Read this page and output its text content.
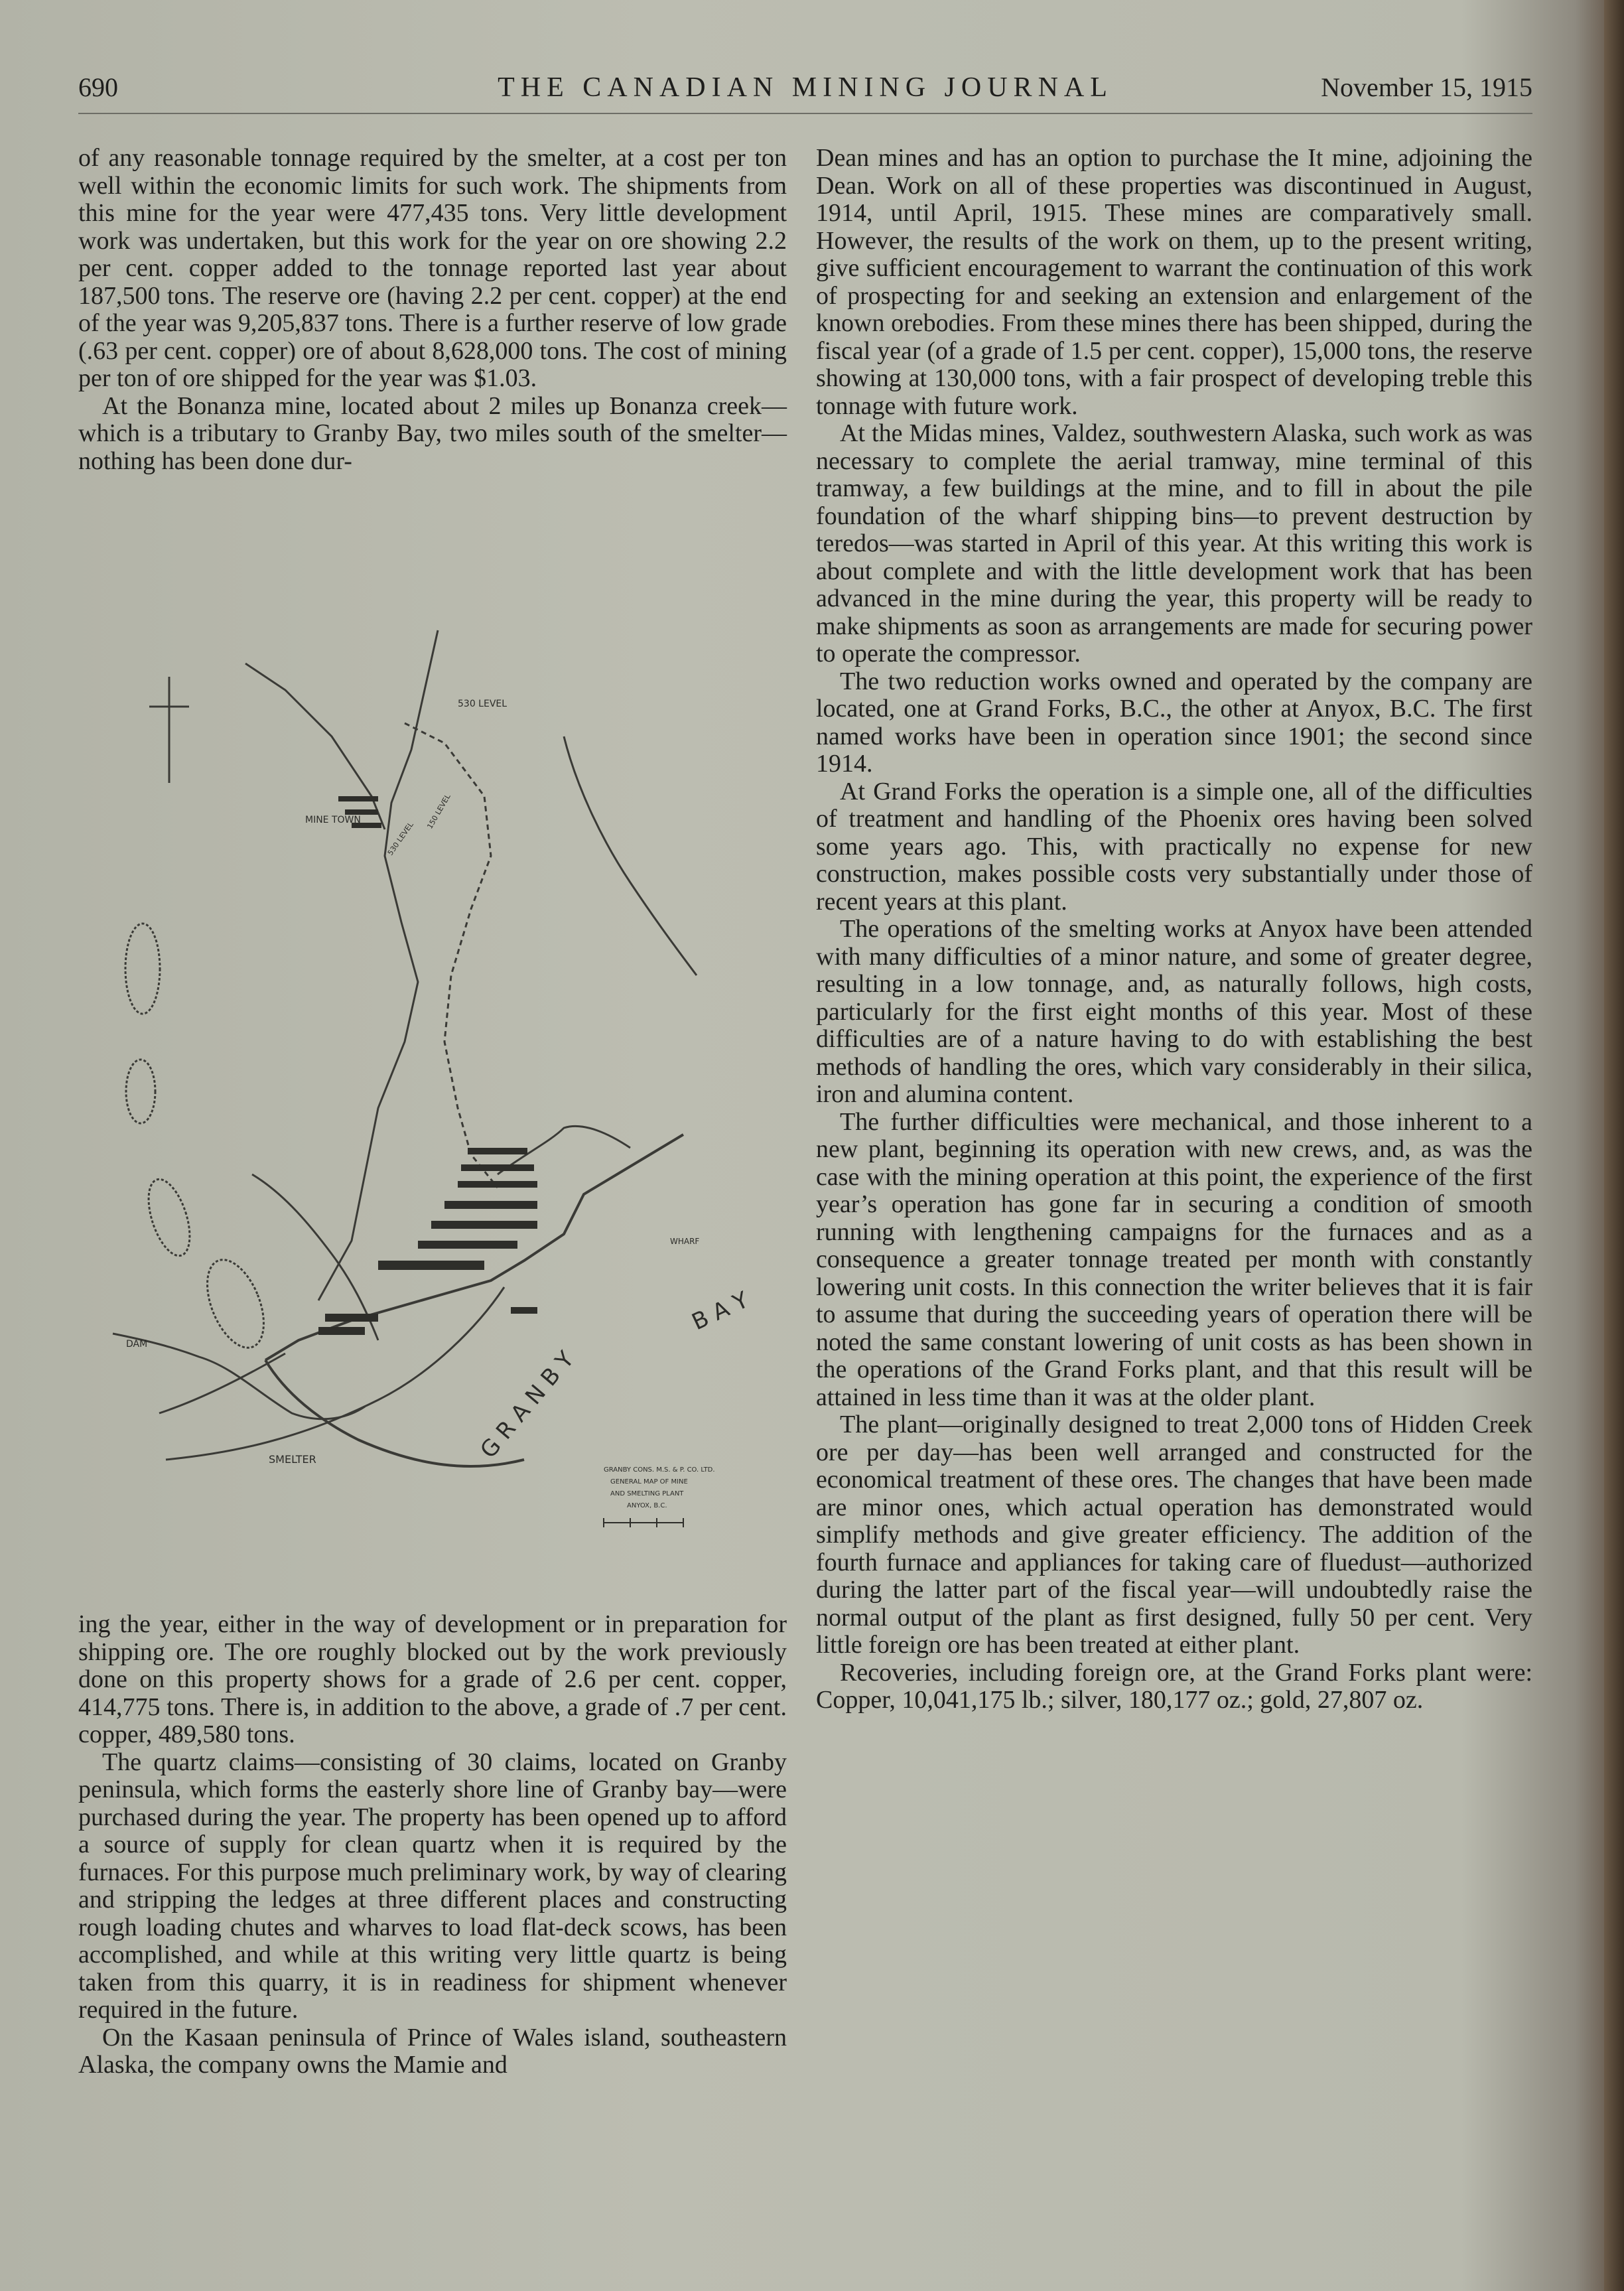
690	THE CANADIAN MINING JOURNAL	November 15, 1915

of any reasonable tonnage required by the smelter, at a cost per ton well within the economic limits for such work. The shipments from this mine for the year were 477,435 tons. Very little development work was undertaken, but this work for the year on ore showing 2.2 per cent. copper added to the tonnage reported last year about 187,500 tons. The reserve ore (having 2.2 per cent. copper) at the end of the year was 9,205,837 tons. There is a further reserve of low grade (.63 per cent. copper) ore of about 8,628,000 tons. The cost of mining per ton of ore shipped for the year was $1.03.

At the Bonanza mine, located about 2 miles up Bonanza creek—which is a tributary to Granby Bay, two miles south of the smelter—nothing has been done dur-

530 LEVEL
MINE TOWN
530 LEVEL
150 LEVEL
WHARF
DAM
SMELTER	G R A N B Y
B A Y
GRANBY CONS. M.S. & P. CO. LTD.
GENERAL MAP OF MINE
AND SMELTING PLANT
ANYOX, B.C.

ing the year, either in the way of development or in preparation for shipping ore. The ore roughly blocked out by the work previously done on this property shows for a grade of 2.6 per cent. copper, 414,775 tons. There is, in addition to the above, a grade of .7 per cent. copper, 489,580 tons.

The quartz claims—consisting of 30 claims, located on Granby peninsula, which forms the easterly shore line of Granby bay—were purchased during the year. The property has been opened up to afford a source of supply for clean quartz when it is required by the furnaces. For this purpose much preliminary work, by way of clearing and stripping the ledges at three different places and constructing rough loading chutes and wharves to load flat-deck scows, has been accomplished, and while at this writing very little quartz is being taken from this quarry, it is in readiness for shipment whenever required in the future.

On the Kasaan peninsula of Prince of Wales island, southeastern Alaska, the company owns the Mamie and

Dean mines and has an option to purchase the It mine, adjoining the Dean. Work on all of these properties was discontinued in August, 1914, until April, 1915. These mines are comparatively small. However, the results of the work on them, up to the present writing, give sufficient encouragement to warrant the continuation of this work of prospecting for and seeking an extension and enlargement of the known orebodies. From these mines there has been shipped, during the fiscal year (of a grade of 1.5 per cent. copper), 15,000 tons, the reserve showing at 130,000 tons, with a fair prospect of developing treble this tonnage with future work.

At the Midas mines, Valdez, southwestern Alaska, such work as was necessary to complete the aerial tramway, mine terminal of this tramway, a few buildings at the mine, and to fill in about the pile foundation of the wharf shipping bins—to prevent destruction by teredos—was started in April of this year. At this writing this work is about complete and with the little development work that has been advanced in the mine during the year, this property will be ready to make shipments as soon as arrangements are made for securing power to operate the compressor.

The two reduction works owned and operated by the company are located, one at Grand Forks, B.C., the other at Anyox, B.C. The first named works have been in operation since 1901; the second since 1914.

At Grand Forks the operation is a simple one, all of the difficulties of treatment and handling of the Phoenix ores having been solved some years ago. This, with practically no expense for new construction, makes possible costs very substantially under those of recent years at this plant.

The operations of the smelting works at Anyox have been attended with many difficulties of a minor nature, and some of greater degree, resulting in a low tonnage, and, as naturally follows, high costs, particularly for the first eight months of this year. Most of these difficulties are of a nature having to do with establishing the best methods of handling the ores, which vary considerably in their silica, iron and alumina content.

The further difficulties were mechanical, and those inherent to a new plant, beginning its operation with new crews, and, as was the case with the mining operation at this point, the experience of the first year’s operation has gone far in securing a condition of smooth running with lengthening campaigns for the furnaces and as a consequence a greater tonnage treated per month with constantly lowering unit costs. In this connection the writer believes that it is fair to assume that during the succeeding years of operation there will be noted the same constant lowering of unit costs as has been shown in the operations of the Grand Forks plant, and that this result will be attained in less time than it was at the older plant.

The plant—originally designed to treat 2,000 tons of Hidden Creek ore per day—has been well arranged and constructed for the economical treatment of these ores. The changes that have been made are minor ones, which actual operation has demonstrated would simplify methods and give greater efficiency. The addition of the fourth furnace and appliances for taking care of fluedust—authorized during the latter part of the fiscal year—will undoubtedly raise the normal output of the plant as first designed, fully 50 per cent. Very little foreign ore has been treated at either plant.

Recoveries, including foreign ore, at the Grand Forks plant were: Copper, 10,041,175 lb.; silver, 180,177 oz.; gold, 27,807 oz.
